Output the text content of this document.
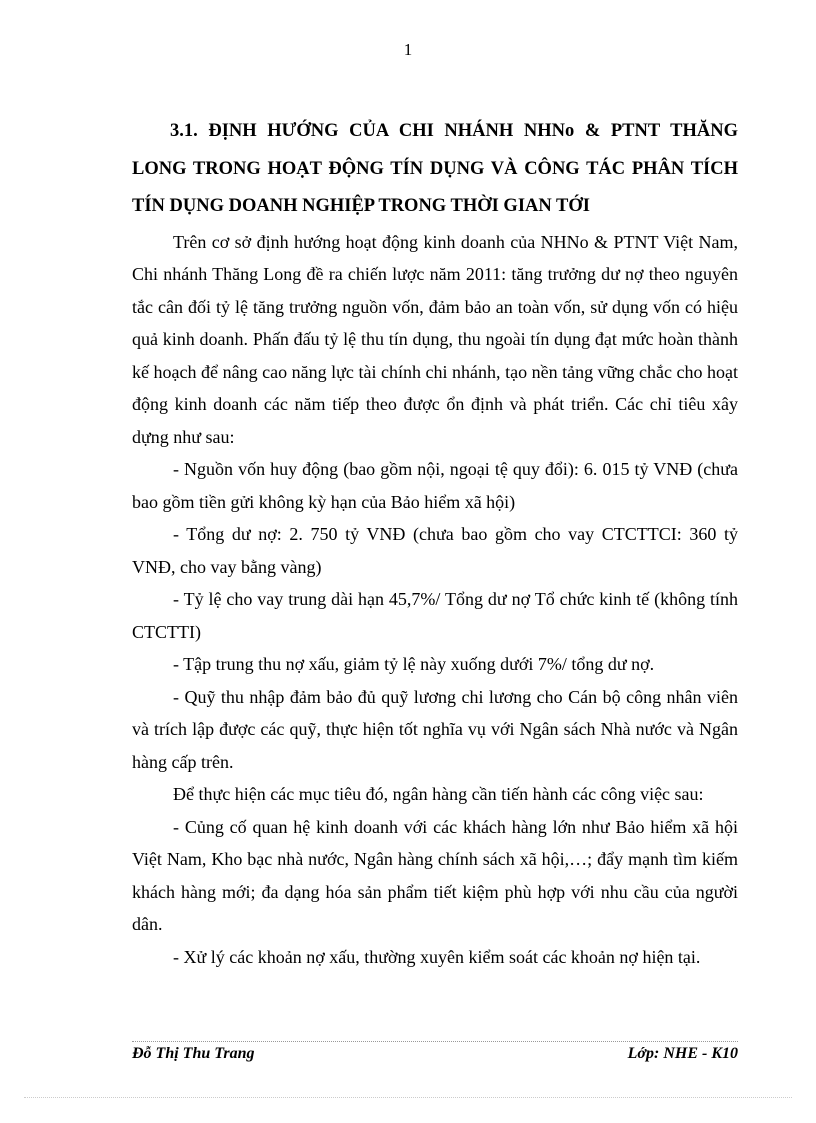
1
3.1. ĐỊNH HƯỚNG CỦA CHI NHÁNH NHNo & PTNT THĂNG LONG TRONG HOẠT ĐỘNG TÍN DỤNG VÀ CÔNG TÁC PHÂN TÍCH TÍN DỤNG DOANH NGHIỆP TRONG THỜI GIAN TỚI

Trên cơ sở định hướng hoạt động kinh doanh của NHNo & PTNT Việt Nam, Chi nhánh Thăng Long đề ra chiến lược năm 2011: tăng trưởng dư nợ theo nguyên tắc cân đối tỷ lệ tăng trưởng nguồn vốn, đảm bảo an toàn vốn, sử dụng vốn có hiệu quả kinh doanh. Phấn đấu tỷ lệ thu tín dụng, thu ngoài tín dụng đạt mức hoàn thành kế hoạch để nâng cao năng lực tài chính chi nhánh, tạo nền tảng vững chắc cho hoạt động kinh doanh các năm tiếp theo được ổn định và phát triển. Các chỉ tiêu xây dựng như sau:

- Nguồn vốn huy động (bao gồm nội, ngoại tệ quy đổi): 6. 015 tỷ VNĐ (chưa bao gồm tiền gửi không kỳ hạn của Bảo hiểm xã hội)

- Tổng dư nợ: 2. 750 tỷ VNĐ (chưa bao gồm cho vay CTCTTCI: 360 tỷ VNĐ, cho vay bằng vàng)

- Tỷ lệ cho vay trung dài hạn 45,7%/ Tổng dư nợ Tổ chức kinh tế (không tính CTCTTI)

- Tập trung thu nợ xấu, giảm tỷ lệ này xuống dưới 7%/ tổng dư nợ.

- Quỹ thu nhập đảm bảo đủ quỹ lương chi lương cho Cán bộ công nhân viên và trích lập được các quỹ, thực hiện tốt nghĩa vụ với Ngân sách Nhà nước và Ngân hàng cấp trên.

Để thực hiện các mục tiêu đó, ngân hàng cần tiến hành các công việc sau:

- Củng cố quan hệ kinh doanh với các khách hàng lớn như Bảo hiểm xã hội Việt Nam, Kho bạc nhà nước, Ngân hàng chính sách xã hội,…; đẩy mạnh tìm kiếm khách hàng mới; đa dạng hóa sản phẩm tiết kiệm phù hợp với nhu cầu của người dân.

- Xử lý các khoản nợ xấu, thường xuyên kiểm soát các khoản nợ hiện tại.

Đỗ Thị Thu Trang	Lớp: NHE - K10
